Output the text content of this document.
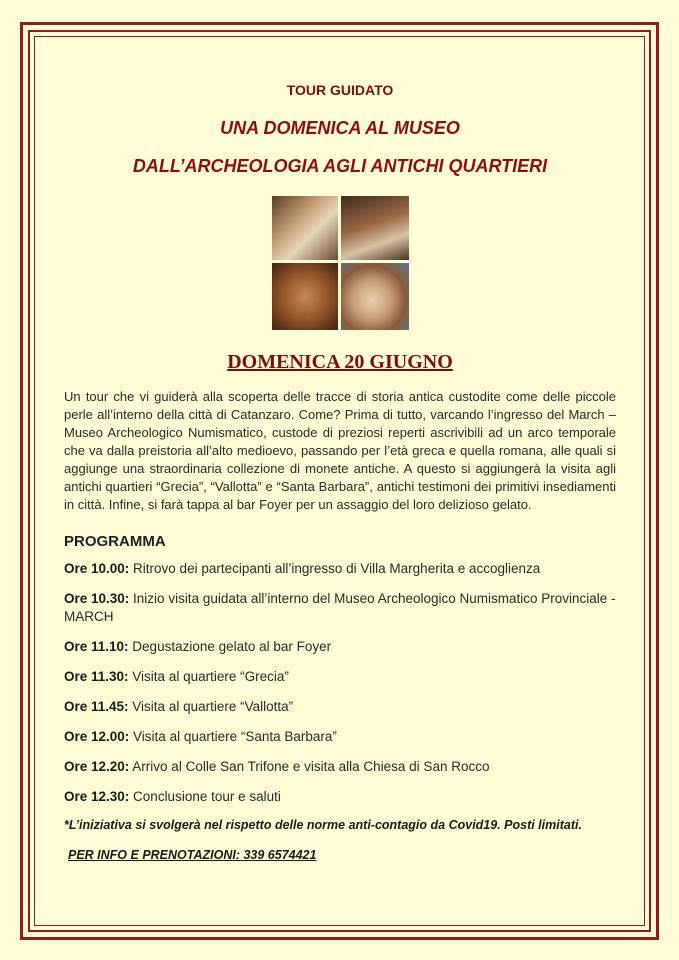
TOUR GUIDATO

UNA DOMENICA AL MUSEO

DALL’ARCHEOLOGIA AGLI ANTICHI QUARTIERI

DOMENICA 20 GIUGNO

Un tour che vi guiderà alla scoperta delle tracce di storia antica custodite come delle piccole perle all’interno della città di Catanzaro. Come? Prima di tutto, varcando l’ingresso del March – Museo Archeologico Numismatico, custode di preziosi reperti ascrivibili ad un arco temporale che va dalla preistoria all’alto medioevo, passando per l’età greca e quella romana, alle quali si aggiunge una straordinaria collezione di monete antiche. A questo si aggiungerà la visita agli antichi quartieri “Grecia”, “Vallotta” e “Santa Barbara”, antichi testimoni dei primitivi insediamenti in città. Infine, si farà tappa al bar Foyer per un assaggio del loro delizioso gelato.

PROGRAMMA

Ore 10.00: Ritrovo dei partecipanti all’ingresso di Villa Margherita e accoglienza
Ore 10.30: Inizio visita guidata all’interno del Museo Archeologico Numismatico Provinciale - MARCH
Ore 11.10: Degustazione gelato al bar Foyer
Ore 11.30: Visita al quartiere “Grecia”
Ore 11.45: Visita al quartiere “Vallotta”
Ore 12.00: Visita al quartiere “Santa Barbara”
Ore 12.20: Arrivo al Colle San Trifone e visita alla Chiesa di San Rocco
Ore 12.30: Conclusione tour e saluti

*L’iniziativa si svolgerà nel rispetto delle norme anti-contagio da Covid19. Posti limitati.

PER INFO E PRENOTAZIONI: 339 6574421
